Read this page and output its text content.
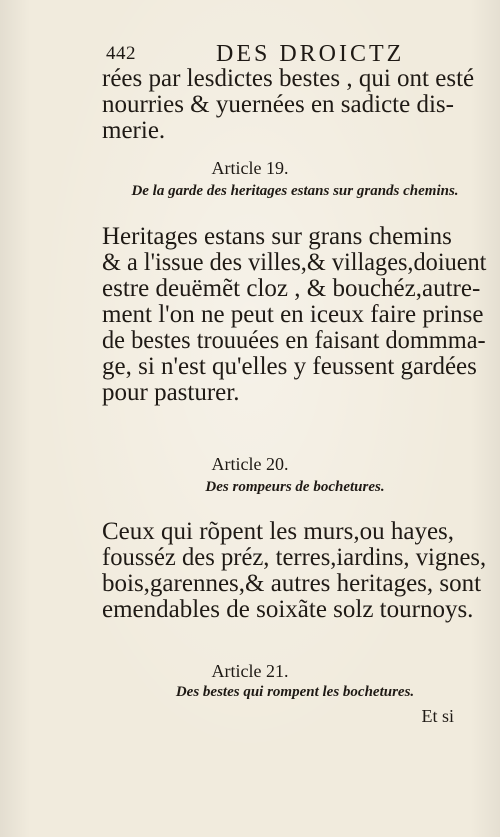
442	DES DROICTZ
rées par lesdictes bestes , qui ont esté
nourries & yuernées en sadicte dis-
merie.
Article 19.
De la garde des heritages estans sur grands chemins.
Heritages estans sur grans chemins
& a l'issue des villes,& villages,doiuent
estre deuëmẽt cloz , & bouchéz,autre-
ment l'on ne peut en iceux faire prinse
de bestes trouuées en faisant dommma-
ge, si n'est qu'elles y feussent gardées
pour pasturer.
Article 20.
Des rompeurs de bochetures.
Ceux qui rõpent les murs,ou hayes,
fousséz des préz, terres,iardins, vignes,
bois,garennes,& autres heritages, sont
emendables de soixãte solz tournoys.
Article 21.
Des bestes qui rompent les bochetures.
Et si
